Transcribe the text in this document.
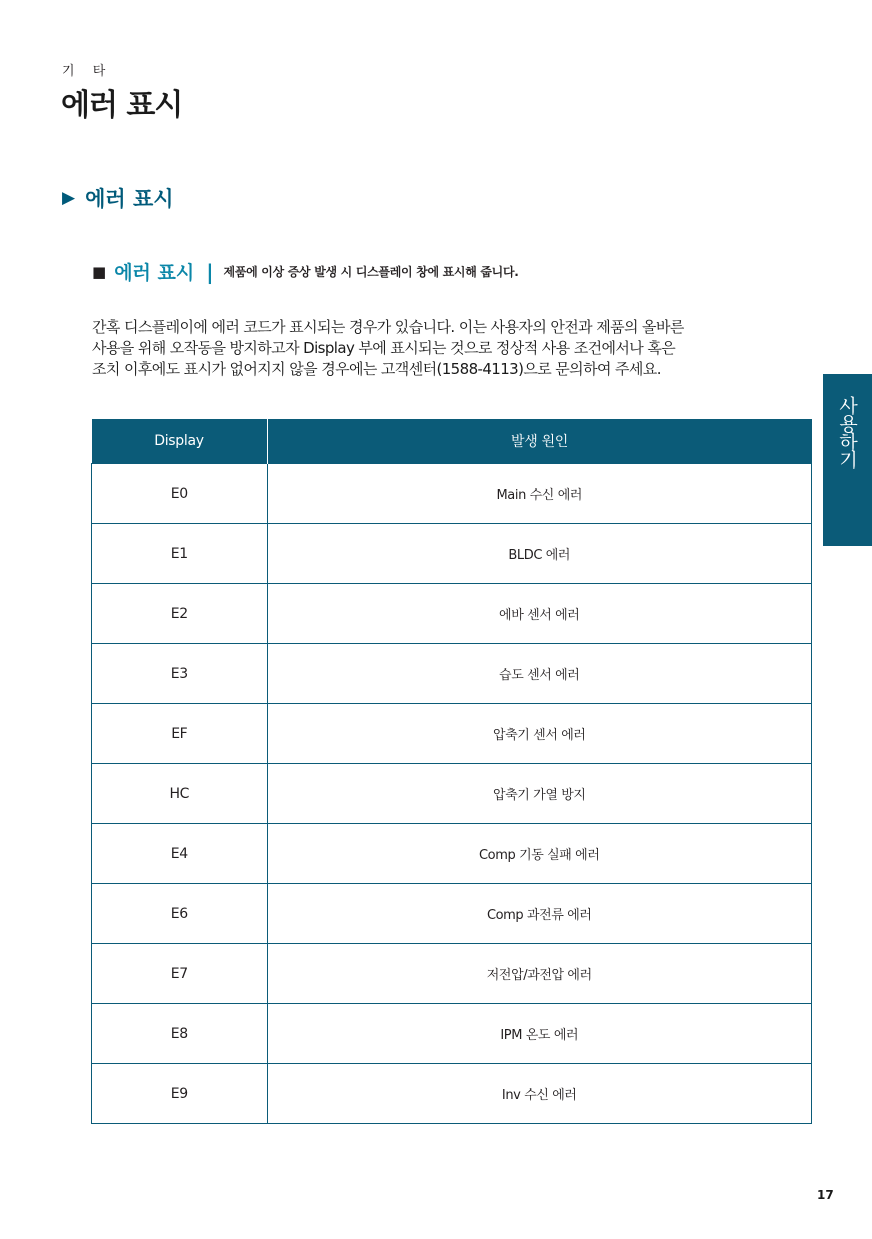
기 타
에러 표시
▶ 에러 표시
■ 에러 표시 | 제품에 이상 증상 발생 시 디스플레이 창에 표시해 줍니다.

간혹 디스플레이에 에러 코드가 표시되는 경우가 있습니다. 이는 사용자의 안전과 제품의 올바른
사용을 위해 오작동을 방지하고자 Display 부에 표시되는 것으로 정상적 사용 조건에서나 혹은
조치 이후에도 표시가 없어지지 않을 경우에는 고객센터(1588-4113)으로 문의하여 주세요.

사용하기
Display	발생 원인
E0	Main 수신 에러
E1	BLDC 에러
E2	에바 센서 에러
E3	습도 센서 에러
EF	압축기 센서 에러
HC	압축기 가열 방지
E4	Comp 기동 실패 에러
E6	Comp 과전류 에러
E7	저전압/과전압 에러
E8	IPM 온도 에러
E9	Inv 수신 에러
17
